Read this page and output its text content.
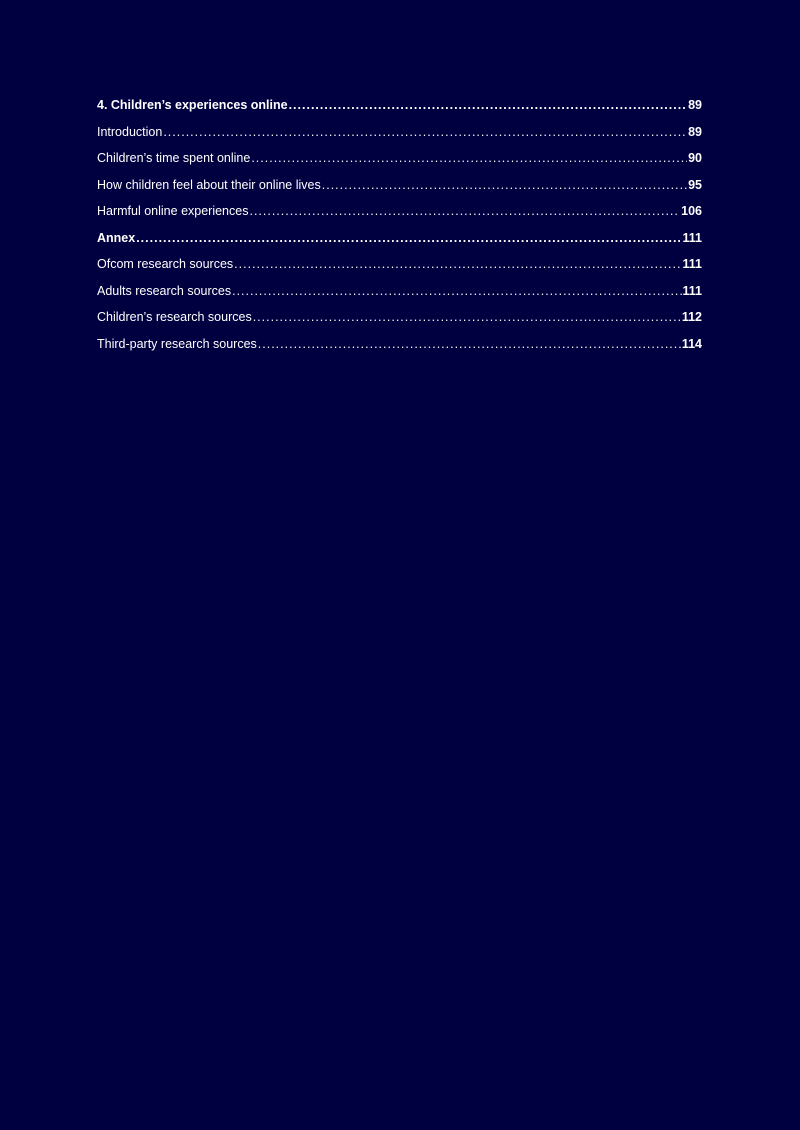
4. Children’s experiences online .....	89
Introduction .....	89
Children’s time spent online .....	90
How children feel about their online lives .....	95
Harmful online experiences .....	106
Annex .....	111
Ofcom research sources .....	111
Adults research sources .....	111
Children’s research sources .....	112
Third-party research sources .....	114
